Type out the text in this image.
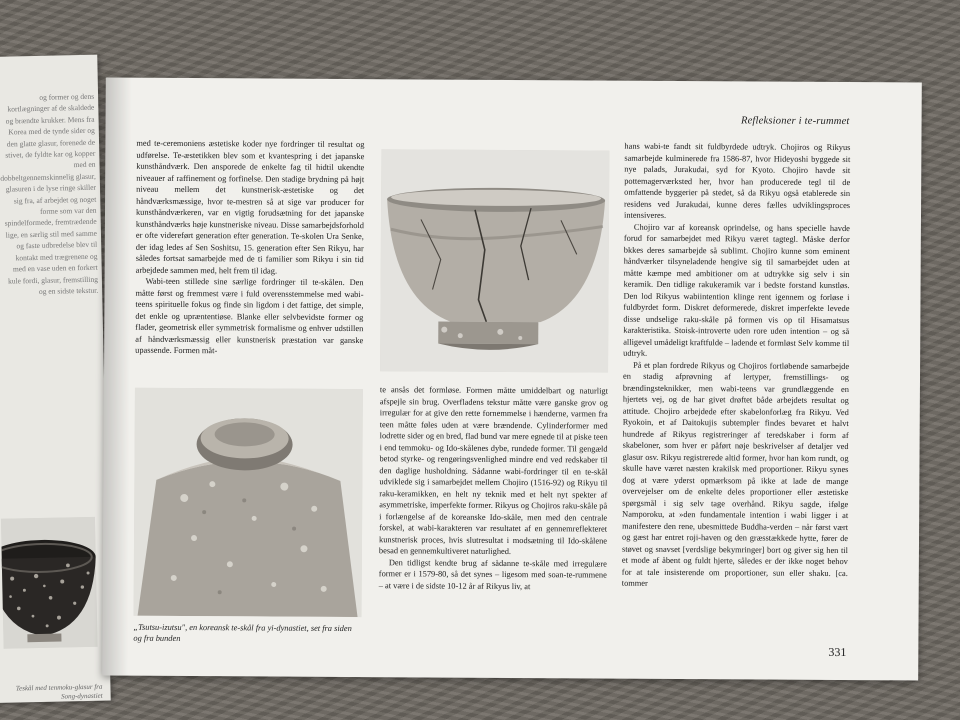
og former og dens kortlægninger af de skaldede og brændte krukker. Mens fra Korea med de tynde sider og den glatte glasur, forenede de stivet, de fyldte kar og kopper med en dobbeltgennemskinnelig glasur, glasuren i de lyse ringe skiller sig fra, af arbejdet og noget forme som var den spindelformede, fremtrædende lige, en særlig stil med samme og faste udbredelse blev til kontakt med trægrenene og med en vase uden en forkert kule fordi, glasur, fremstilling og en sidste tekstur.
Teskål med tenmoku-glasur fra Song-dynastiet
Refleksioner i te-rummet

med te-ceremoniens æstetiske koder nye fordringer til resultat og udførelse. Te-æstetikken blev som et kvantespring i det japanske kunsthåndværk. Den ansporede de enkelte fag til hidtil ukendte niveauer af raffinement og forfinelse. Den stadige brydning på højt niveau mellem det kunstnerisk-æstetiske og det håndværksmæssige, hvor te-mestren så at sige var producer for kunsthåndværkeren, var en vigtig forudsætning for det japanske kunsthåndværks høje kunstneriske niveau. Disse samarbejdsforhold er ofte videreført generation efter generation. Te-skolen Ura Senke, der idag ledes af Sen Soshitsu, 15. generation efter Sen Rikyu, har således fortsat samarbejde med de ti familier som Rikyu i sin tid arbejdede sammen med, helt frem til idag.

Wabi-teen stillede sine særlige fordringer til te-skålen. Den måtte først og fremmest være i fuld overensstemmelse med wabi-teens spirituelle fokus og finde sin ligdom i det fattige, det simple, det enkle og upræntentiøse. Blanke eller selvbevidste former og flader, geometrisk eller symmetrisk formalisme og enhver udstillen af håndværksmæssig eller kunstnerisk præstation var ganske upassende. Formen måt-

te ansås det formløse. Formen måtte umiddelbart og naturligt afspejle sin brug. Overfladens tekstur måtte være ganske grov og irregulær for at give den rette fornemmelse i hænderne, varmen fra teen måtte føles uden at være brændende. Cylinderformer med lodrette sider og en bred, flad bund var mere egnede til at piske teen i end temmoku- og Ido-skålenes dybe, rundede former. Til gengæld betod styrke- og rengøringsvenlighed mindre end ved redskaber til den daglige husholdning. Sådanne wabi-fordringer til en te-skål udviklede sig i samarbejdet mellem Chojiro (1516-92) og Rikyu til raku-keramikken, en helt ny teknik med et helt nyt spekter af asymmetriske, imperfekte former. Rikyus og Chojiros raku-skåle på i forlængelse af de koreanske Ido-skåle, men med den centrale forskel, at wabi-karakteren var resultatet af en gennemreflekteret kunstnerisk proces, hvis slutresultat i modsætning til Ido-skålene besad en gennemkultiveret naturlighed.

Den tidligst kendte brug af sådanne te-skåle med irregulære former er i 1579-80, så det synes – ligesom med soan-te-rummene – at være i de sidste 10-12 år af Rikyus liv, at

„Tsutsu-izutsu", en koreansk te-skål fra yi-dynastiet, set fra siden og fra bunden

hans wabi-te fandt sit fuldbyrdede udtryk. Chojiros og Rikyus samarbejde kulminerede fra 1586-87, hvor Hideyoshi byggede sit nye palads, Jurakudai, syd for Kyoto. Chojiro havde sit pottemagerværksted her, hvor han producerede tegl til de omfattende byggerier på stedet, så da Rikyu også etablerede sin residens ved Jurakudai, kunne deres fælles udviklingsproces intensiveres.

Chojiro var af koreansk oprindelse, og hans specielle havde forud for samarbejdet med Rikyu været tagtegl. Måske derfor bkkes deres samarbejde så sublimt. Chojiro kunne som eminent håndværker tilsyneladende hengive sig til samarbejdet uden at måtte kæmpe med ambitioner om at udtrykke sig selv i sin keramik. Den tidlige rakukeramik var i bedste forstand kunstløs. Den lod Rikyus wabiintention klinge rent igennem og forløse i fuldbyrdet form. Diskret deformerede, diskret imperfekte levede disse undselige raku-skåle på formen vis op til Hisamatsus karakteristika. Stoisk-introverte uden rore uden intention – og så alligevel umådeligt kraftfulde – ladende et formløst Selv komme til udtryk.

På et plan fordrede Rikyus og Chojiros fortløbende samarbejde en stadig afprøvning af lertyper, fremstillings- og brændingsteknikker, men wabi-teens var grundlæggende en hjertets vej, og de har givet drøftet både arbejdets resultat og attitude. Chojiro arbejdede efter skabelonforlæg fra Rikyu. Ved Ryokoin, et af Daitokujis subtempler findes bevaret et halvt hundrede af Rikyus registreringer af teredskaber i form af skabeloner, som hver er påført nøje beskrivelser af detaljer ved glasur osv. Rikyu registrerede altid former, hvor han kom rundt, og skulle have været næsten krakilsk med proportioner. Rikyu synes dog at være yderst opmærksom på ikke at lade de mange overvejelser om de enkelte deles proportioner eller æstetiske spørgsmål i sig selv tage overhånd. Rikyu sagde, ifølge Namporoku, at »den fundamentale intention i wabi ligger i at manifestere den rene, ubesmittede Buddha-verden – når først vært og gæst har entret roji-haven og den græsstækkede hytte, fører de støvet og snavset [verdslige bekymringer] bort og giver sig hen til et mode af åbent og fuldt hjerte, således er der ikke noget behov for at tale insisterende om proportioner, sun eller shaku. [ca. tommer

331
